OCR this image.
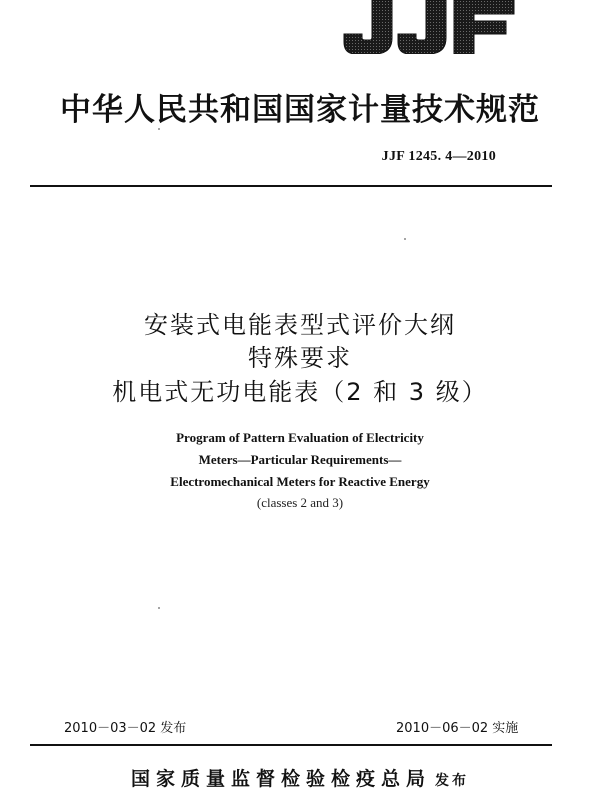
中华人民共和国国家计量技术规范
JJF 1245. 4—2010
安装式电能表型式评价大纲
特殊要求
机电式无功电能表（2 和 3 级）
Program of Pattern Evaluation of Electricity
Meters—Particular Requirements—
Electromechanical Meters for Reactive Energy
(classes 2 and 3)
2010－03－02 发布	2010－06－02 实施
国家质量监督检验检疫总局 发布
